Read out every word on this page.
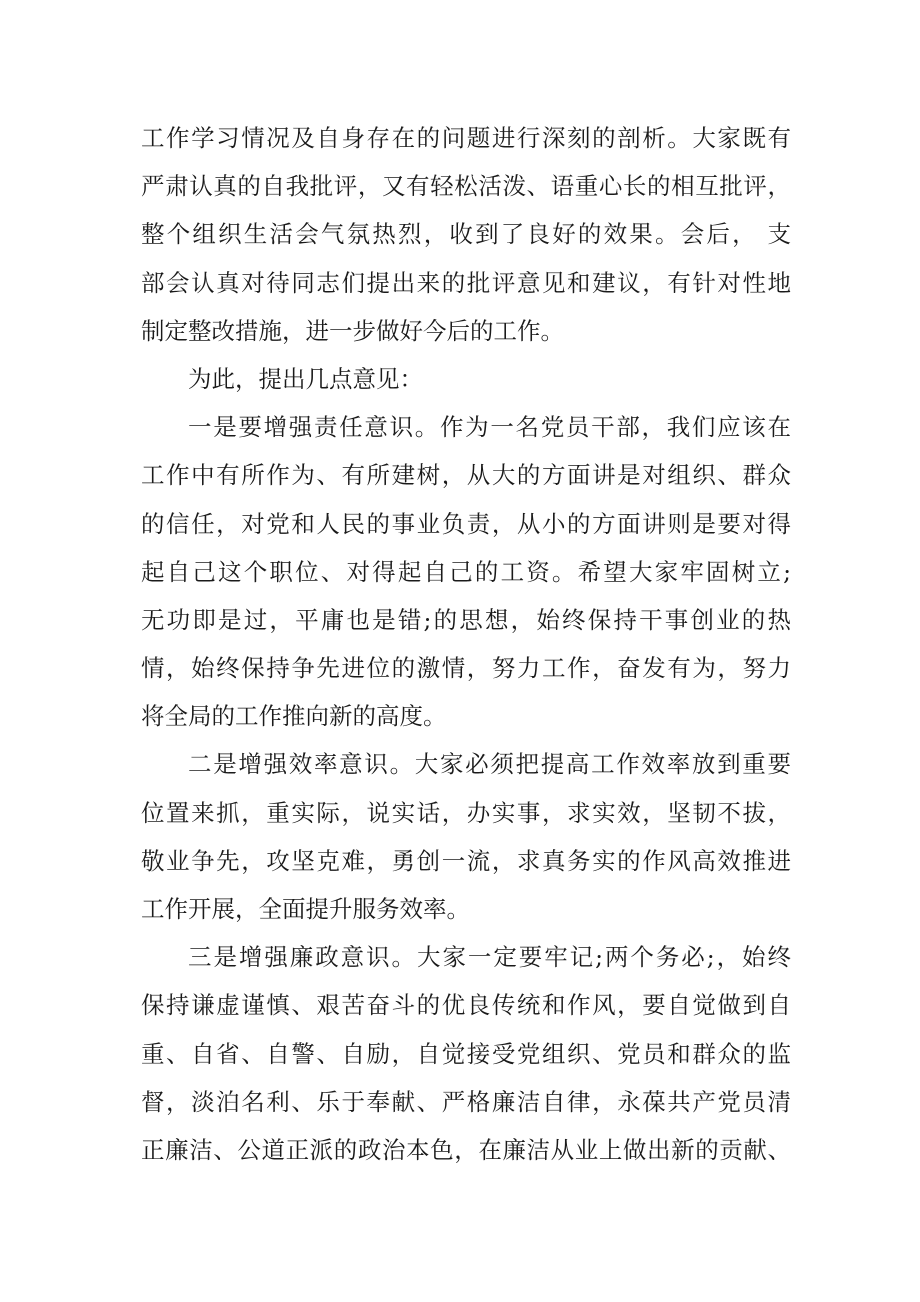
工作学习情况及自身存在的问题进行深刻的剖析。大家既有
严肃认真的自我批评，又有轻松活泼、语重心长的相互批评，
整个组织生活会气氛热烈，收到了良好的效果。会后， 支
部会认真对待同志们提出来的批评意见和建议，有针对性地
制定整改措施，进一步做好今后的工作。
为此，提出几点意见：
一是要增强责任意识。作为一名党员干部，我们应该在
工作中有所作为、有所建树，从大的方面讲是对组织、群众
的信任，对党和人民的事业负责，从小的方面讲则是要对得
起自己这个职位、对得起自己的工资。希望大家牢固树立;
无功即是过，平庸也是错;的思想，始终保持干事创业的热
情，始终保持争先进位的激情，努力工作，奋发有为，努力
将全局的工作推向新的高度。
二是增强效率意识。大家必须把提高工作效率放到重要
位置来抓，重实际，说实话，办实事，求实效，坚韧不拔，
敬业争先，攻坚克难，勇创一流，求真务实的作风高效推进
工作开展，全面提升服务效率。
三是增强廉政意识。大家一定要牢记;两个务必;，始终
保持谦虚谨慎、艰苦奋斗的优良传统和作风，要自觉做到自
重、自省、自警、自励，自觉接受党组织、党员和群众的监
督，淡泊名利、乐于奉献、严格廉洁自律，永葆共产党员清
正廉洁、公道正派的政治本色，在廉洁从业上做出新的贡献、
